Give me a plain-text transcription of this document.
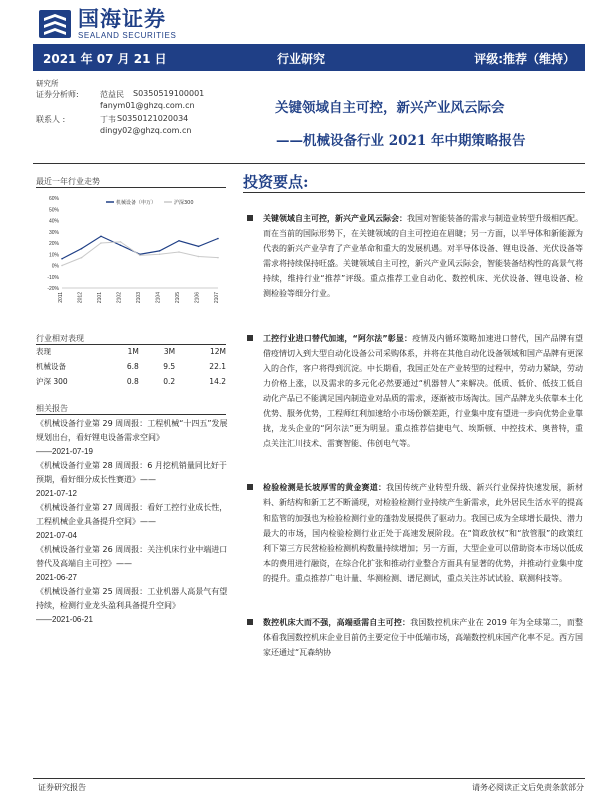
国海证券
SEALAND SECURITIES
2021 年 07 月 21 日	行业研究	评级:推荐（维持）
研究所
证券分析师:	范益民 S0350519100001
fanym01@ghzq.com.cn
联系人 :	丁韦 S0350121020034
dingy02@ghzq.com.cn
关键领域自主可控，新兴产业风云际会
——机械设备行业 2021 年中期策略报告
最近一年行业走势
-20%
-10%
0%
10%
20%
30%
40%
50%
60%
2011	2012	2101	2102	2103	2104	2105	2106	2107
机械设备（申万）	沪深300
行业相对表现
表现	1M	3M	12M
机械设备	6.8	9.5	22.1
沪深 300	0.8	0.2	14.2
相关报告
《机械设备行业第 29 周周报：工程机械“十四五”发展规划出台，看好锂电设备需求空间》
——2021-07-19
《机械设备行业第 28 周周报：6 月挖机销量同比好于预期，看好细分成长性赛道》——
2021-07-12
《机械设备行业第 27 周周报：看好工控行业成长性，工程机械企业具备提升空间》——
2021-07-04
《机械设备行业第 26 周周报：关注机床行业中端进口替代及高端自主可控》——
2021-06-27
《机械设备行业第 25 周周报：工业机器人高景气有望持续，检测行业龙头盈利具备提升空间》
——2021-06-21
投资要点:
关键领域自主可控，新兴产业风云际会：我国对智能装备的需求与制造业转型升级相匹配。而在当前的国际形势下，在关键领域的自主可控迫在眉睫；另一方面，以半导体和新能源为代表的新兴产业孕育了产业革命和重大的发展机遇。对半导体设备、锂电设备、光伏设备等需求将持续保持旺盛。关键领域自主可控，新兴产业风云际会，智能装备结构性的高景气将持续，维持行业“推荐”评级。重点推荐工业自动化、数控机床、光伏设备、锂电设备、检测检验等细分行业。
工控行业进口替代加速，“阿尔法”彰显：疫情及内循环策略加速进口替代，国产品牌有望借疫情切入到大型自动化设备公司采购体系，并将在其他自动化设备领域和国产品牌有更深入的合作，客户将得到沉淀。中长期看，我国正处在产业转型的过程中，劳动力紧缺，劳动力价格上涨，以及需求的多元化必然要通过“机器替人”来解决。低质、低价、低技工低自动化产品已不能满足国内制造业对品质的需求，逐渐被市场淘汰。国产品牌龙头依靠本土化优势、服务优势，工程师红利加速给小市场份额差距，行业集中度有望进一步向优势企业靠拢，龙头企业的“阿尔法”更为明显。重点推荐信捷电气、埃斯顿、中控技术、奥普特，重点关注汇川技术、雷赛智能、伟创电气等。
检验检测是长坡厚雪的黄金赛道：我国传统产业转型升级、新兴行业保持快速发展，新材料、新结构和新工艺不断涌现，对检验检测行业持续产生新需求，此外居民生活水平的提高和监管的加强也为检验检测行业的蓬勃发展提供了驱动力。我国已成为全球增长最快、潜力最大的市场，国内检验检测行业正处于高速发展阶段。在“简政放权”和“放管服”的政策红利下第三方民营检验检测机构数量持续增加；另一方面，大型企业可以借助资本市场以低成本的费用进行融资，在综合化扩张和推动行业整合方面具有显著的优势，并推动行业集中度的提升。重点推荐广电计量、华测检测、谱尼测试，重点关注苏试试验、联测科技等。
数控机床大而不强，高端亟需自主可控：我国数控机床产业在 2019 年为全球第二，而整体看我国数控机床企业目前仍主要定位于中低端市场，高端数控机床国产化率不足。西方国家还通过“瓦森纳协
证券研究报告	请务必阅读正文后免责条款部分
